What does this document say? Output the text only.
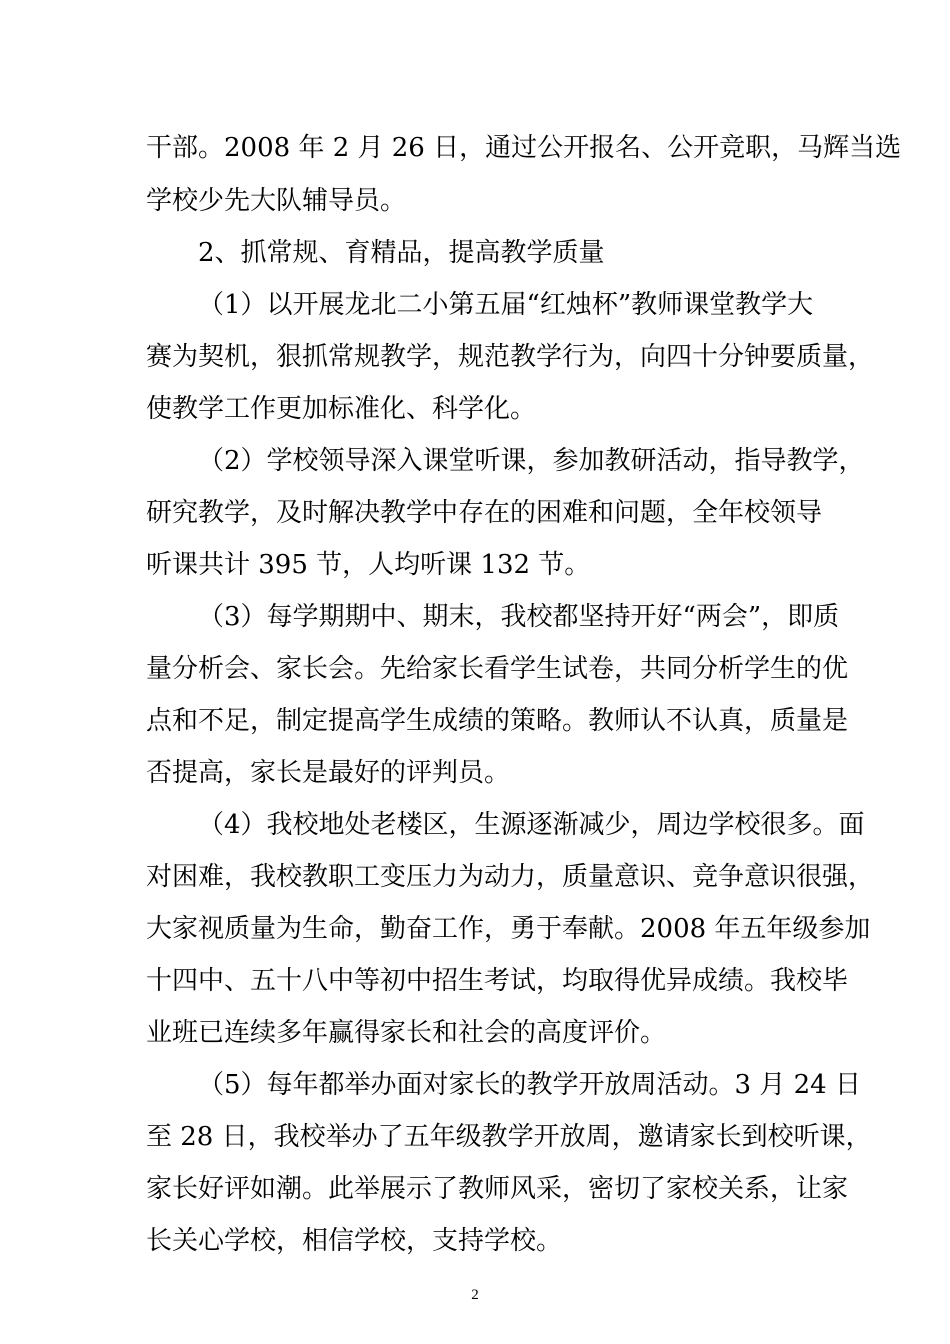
干部。2008 年 2 月 26 日，通过公开报名、公开竞职，马辉当选
学校少先大队辅导员。
2、抓常规、育精品，提高教学质量
（1）以开展龙北二小第五届“红烛杯”教师课堂教学大
赛为契机，狠抓常规教学，规范教学行为，向四十分钟要质量，
使教学工作更加标准化、科学化。
（2）学校领导深入课堂听课，参加教研活动，指导教学，
研究教学，及时解决教学中存在的困难和问题，全年校领导
听课共计 395 节，人均听课 132 节。
（3）每学期期中、期末，我校都坚持开好“两会”，即质
量分析会、家长会。先给家长看学生试卷，共同分析学生的优
点和不足，制定提高学生成绩的策略。教师认不认真，质量是
否提高，家长是最好的评判员。
（4）我校地处老楼区，生源逐渐减少，周边学校很多。面
对困难，我校教职工变压力为动力，质量意识、竞争意识很强，
大家视质量为生命，勤奋工作，勇于奉献。2008 年五年级参加
十四中、五十八中等初中招生考试，均取得优异成绩。我校毕
业班已连续多年赢得家长和社会的高度评价。
（5）每年都举办面对家长的教学开放周活动。3 月 24 日
至 28 日，我校举办了五年级教学开放周，邀请家长到校听课，
家长好评如潮。此举展示了教师风采，密切了家校关系，让家
长关心学校，相信学校，支持学校。
2
